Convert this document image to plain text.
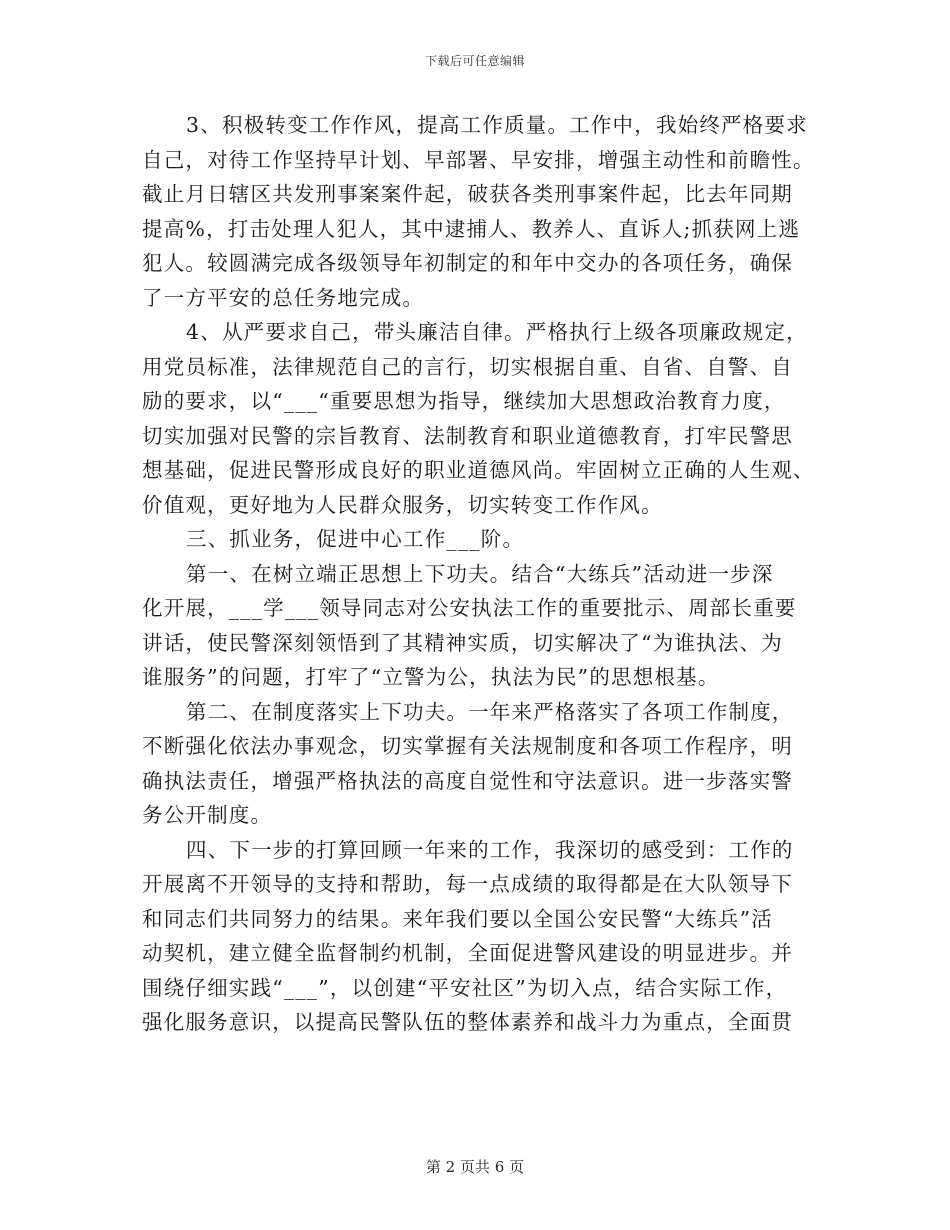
下载后可任意编辑
3、积极转变工作作风，提高工作质量。工作中，我始终严格要求
自己，对待工作坚持早计划、早部署、早安排，增强主动性和前瞻性。
截止月日辖区共发刑事案案件起，破获各类刑事案件起，比去年同期
提高%，打击处理人犯人，其中逮捕人、教养人、直诉人;抓获网上逃
犯人。较圆满完成各级领导年初制定的和年中交办的各项任务，确保
了一方平安的总任务地完成。
4、从严要求自己，带头廉洁自律。严格执行上级各项廉政规定，
用党员标准，法律规范自己的言行，切实根据自重、自省、自警、自
励的要求，以“___“重要思想为指导，继续加大思想政治教育力度，
切实加强对民警的宗旨教育、法制教育和职业道德教育，打牢民警思
想基础，促进民警形成良好的职业道德风尚。牢固树立正确的人生观、
价值观，更好地为人民群众服务，切实转变工作作风。
三、抓业务，促进中心工作___阶。
第一、在树立端正思想上下功夫。结合“大练兵”活动进一步深
化开展，___学___领导同志对公安执法工作的重要批示、周部长重要
讲话，使民警深刻领悟到了其精神实质，切实解决了“为谁执法、为
谁服务”的问题，打牢了“立警为公，执法为民”的思想根基。
第二、在制度落实上下功夫。一年来严格落实了各项工作制度，
不断强化依法办事观念，切实掌握有关法规制度和各项工作程序，明
确执法责任，增强严格执法的高度自觉性和守法意识。进一步落实警
务公开制度。
四、下一步的打算回顾一年来的工作，我深切的感受到：工作的
开展离不开领导的支持和帮助，每一点成绩的取得都是在大队领导下
和同志们共同努力的结果。来年我们要以全国公安民警“大练兵”活
动契机，建立健全监督制约机制，全面促进警风建设的明显进步。并
围绕仔细实践“___”，以创建“平安社区”为切入点，结合实际工作，
强化服务意识，以提高民警队伍的整体素养和战斗力为重点，全面贯
第 2 页共 6 页
